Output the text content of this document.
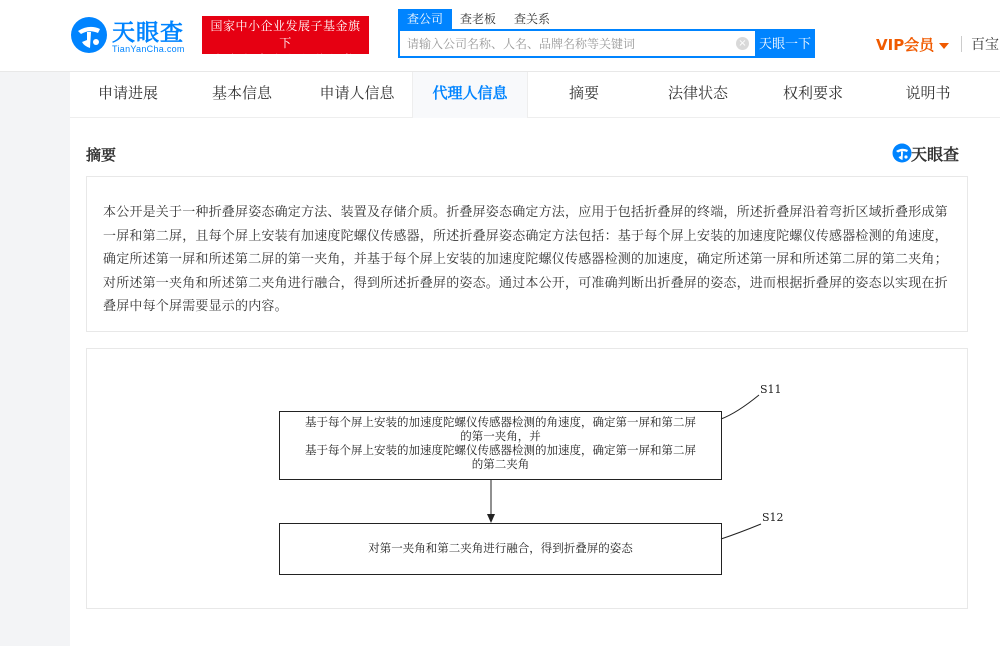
天眼查
TianYanCha.com
国家中小企业发展子基金旗下
官方备案企业征信机构
查公司	查老板 查关系
请输入公司名称、人名、品牌名称等关键词
× 天眼一下	VIP会员	百宝
申请进展	基本信息	申请人信息	代理人信息	摘要	法律状态	权利要求	说明书
摘要	天眼查

本公开是关于一种折叠屏姿态确定方法、装置及存储介质。折叠屏姿态确定方法，应用于包括折叠屏的终端，所述折叠屏沿着弯折区域折叠形成第一屏和第二屏，且每个屏上安装有加速度陀螺仪传感器，所述折叠屏姿态确定方法包括：基于每个屏上安装的加速度陀螺仪传感器检测的角速度，确定所述第一屏和所述第二屏的第一夹角，并基于每个屏上安装的加速度陀螺仪传感器检测的加速度，确定所述第一屏和所述第二屏的第二夹角；对所述第一夹角和所述第二夹角进行融合，得到所述折叠屏的姿态。通过本公开，可准确判断出折叠屏的姿态，进而根据折叠屏的姿态以实现在折叠屏中每个屏需要显示的内容。

S11
S12
基于每个屏上安装的加速度陀螺仪传感器检测的角速度，确定第一屏和第二屏
的第一夹角，并
基于每个屏上安装的加速度陀螺仪传感器检测的加速度，确定第一屏和第二屏
的第二夹角
对第一夹角和第二夹角进行融合，得到折叠屏的姿态
